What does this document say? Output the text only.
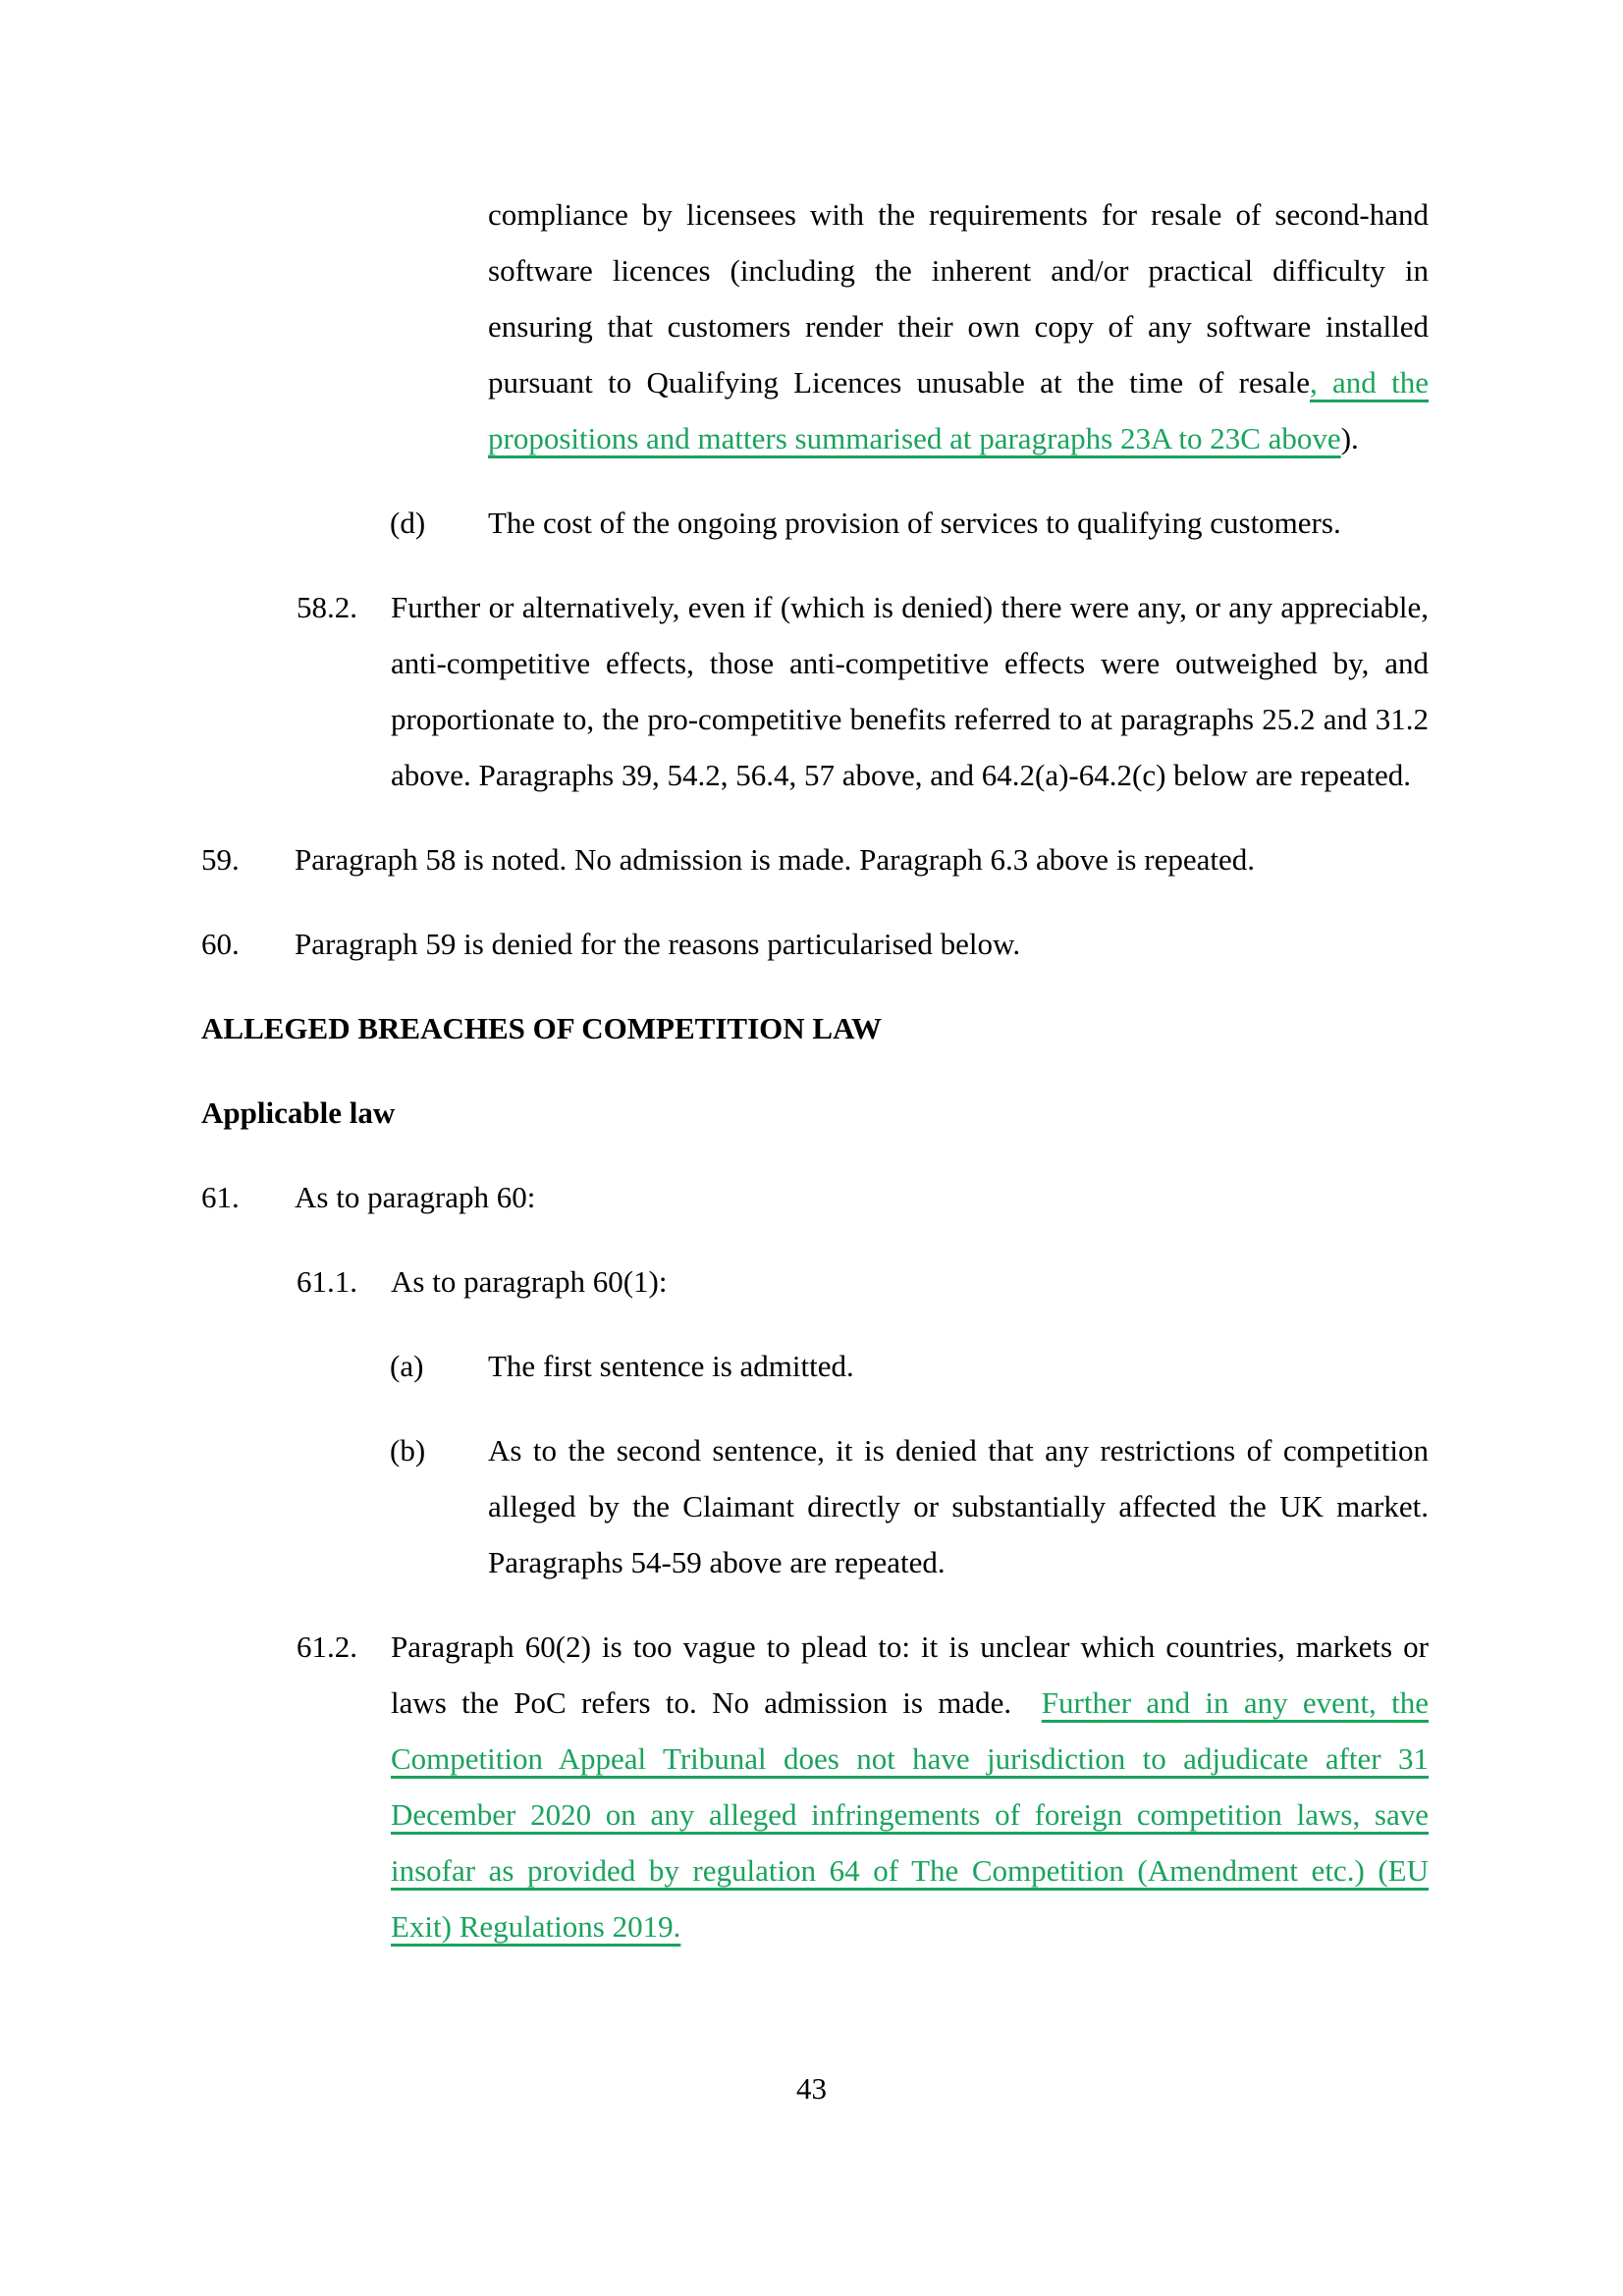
compliance by licensees with the requirements for resale of second-hand software licences (including the inherent and/or practical difficulty in ensuring that customers render their own copy of any software installed pursuant to Qualifying Licences unusable at the time of resale, and the propositions and matters summarised at paragraphs 23A to 23C above).

(d)	The cost of the ongoing provision of services to qualifying customers.

58.2.	Further or alternatively, even if (which is denied) there were any, or any appreciable, anti-competitive effects, those anti-competitive effects were outweighed by, and proportionate to, the pro-competitive benefits referred to at paragraphs 25.2 and 31.2 above. Paragraphs 39, 54.2, 56.4, 57 above, and 64.2(a)-64.2(c) below are repeated.

59.	Paragraph 58 is noted. No admission is made. Paragraph 6.3 above is repeated.

60.	Paragraph 59 is denied for the reasons particularised below.

ALLEGED BREACHES OF COMPETITION LAW
Applicable law
61.	As to paragraph 60:

61.1.	As to paragraph 60(1):

(a)	The first sentence is admitted.

(b)	As to the second sentence, it is denied that any restrictions of competition alleged by the Claimant directly or substantially affected the UK market. Paragraphs 54-59 above are repeated.

61.2.	Paragraph 60(2) is too vague to plead to: it is unclear which countries, markets or laws the PoC refers to. No admission is made.  Further and in any event, the Competition Appeal Tribunal does not have jurisdiction to adjudicate after 31 December 2020 on any alleged infringements of foreign competition laws, save insofar as provided by regulation 64 of The Competition (Amendment etc.) (EU Exit) Regulations 2019.

43
